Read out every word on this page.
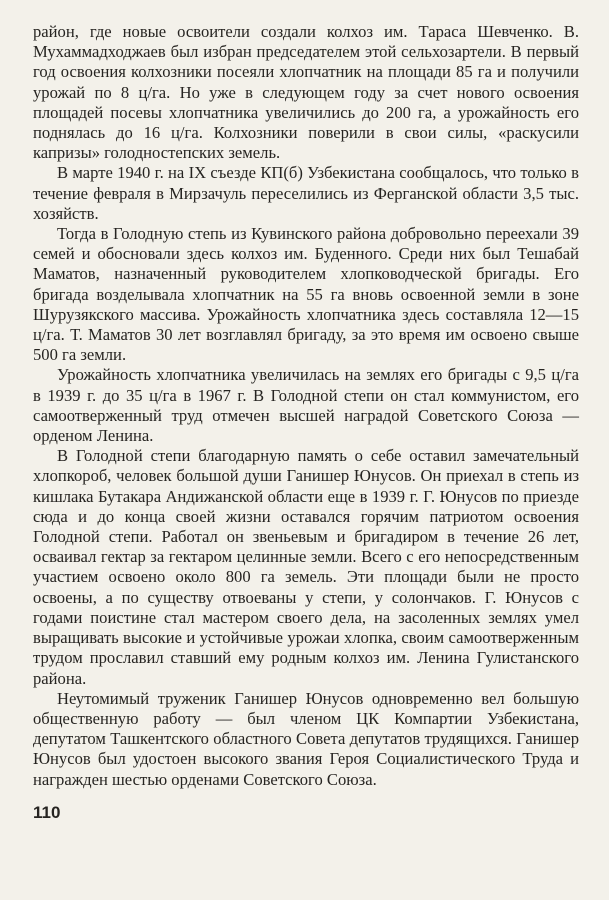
район, где новые освоители создали колхоз им. Тараса Шевченко. В. Мухаммадходжаев был избран председателем этой сельхозартели. В первый год освоения колхозники посеяли хлопчатник на площади 85 га и получили урожай по 8 ц/га. Но уже в следующем году за счет нового освоения площадей посевы хлопчатника увеличились до 200 га, а урожайность его поднялась до 16 ц/га. Колхозники поверили в свои силы, «раскусили капризы» голодностепских земель.

В марте 1940 г. на IX съезде КП(б) Узбекистана сообщалось, что только в течение февраля в Мирзачуль переселились из Ферганской области 3,5 тыс. хозяйств.

Тогда в Голодную степь из Кувинского района добровольно переехали 39 семей и обосновали здесь колхоз им. Буденного. Среди них был Тешабай Маматов, назначенный руководителем хлопководческой бригады. Его бригада возделывала хлопчатник на 55 га вновь освоенной земли в зоне Шурузякского массива. Урожайность хлопчатника здесь составляла 12—15 ц/га. Т. Маматов 30 лет возглавлял бригаду, за это время им освоено свыше 500 га земли.

Урожайность хлопчатника увеличилась на землях его бригады с 9,5 ц/га в 1939 г. до 35 ц/га в 1967 г. В Голодной степи он стал коммунистом, его самоотверженный труд отмечен высшей наградой Советского Союза — орденом Ленина.

В Голодной степи благодарную память о себе оставил замечательный хлопкороб, человек большой души Ганишер Юнусов. Он приехал в степь из кишлака Бутакара Андижанской области еще в 1939 г. Г. Юнусов по приезде сюда и до конца своей жизни оставался горячим патриотом освоения Голодной степи. Работал он звеньевым и бригадиром в течение 26 лет, осваивал гектар за гектаром целинные земли. Всего с его непосредственным участием освоено около 800 га земель. Эти площади были не просто освоены, а по существу отвоеваны у степи, у солончаков. Г. Юнусов с годами поистине стал мастером своего дела, на засоленных землях умел выращивать высокие и устойчивые урожаи хлопка, своим самоотверженным трудом прославил ставший ему родным колхоз им. Ленина Гулистанского района.

Неутомимый труженик Ганишер Юнусов одновременно вел большую общественную работу — был членом ЦК Компартии Узбекистана, депутатом Ташкентского областного Совета депутатов трудящихся. Ганишер Юнусов был удостоен высокого звания Героя Социалистического Труда и награжден шестью орденами Советского Союза.

110
